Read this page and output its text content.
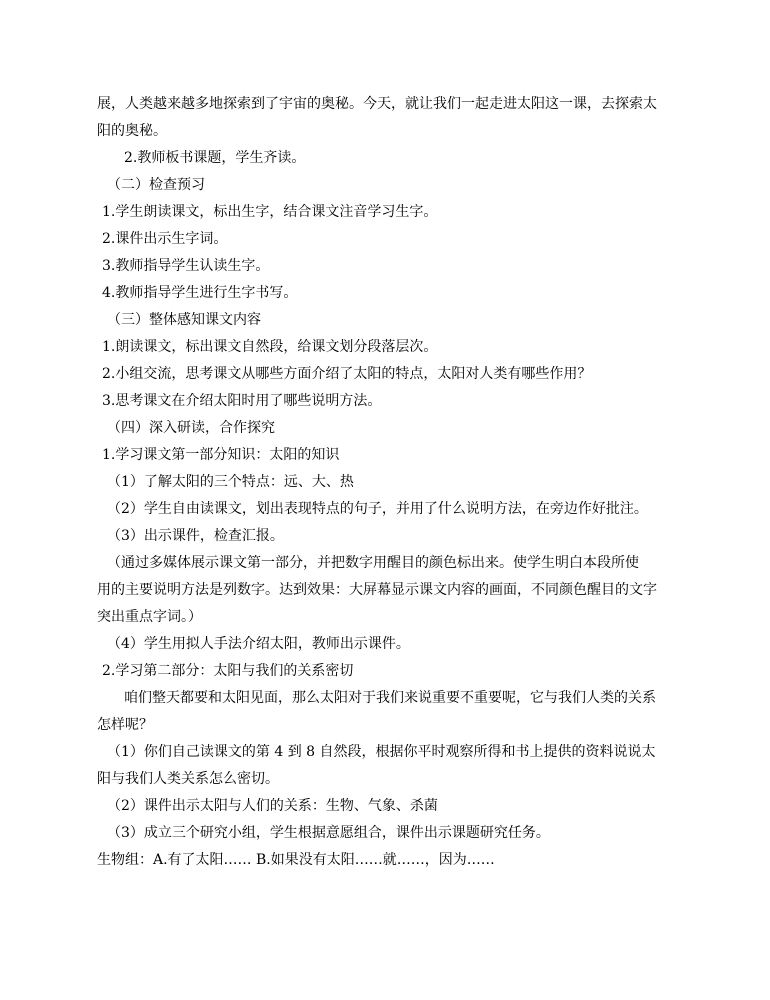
展，人类越来越多地探索到了宇宙的奥秘。今天，就让我们一起走进太阳这一课，去探索太
阳的奥秘。
2.教师板书课题，学生齐读。
（二）检查预习
1.学生朗读课文，标出生字，结合课文注音学习生字。
2.课件出示生字词。
3.教师指导学生认读生字。
4.教师指导学生进行生字书写。
（三）整体感知课文内容
1.朗读课文，标出课文自然段，给课文划分段落层次。
2.小组交流，思考课文从哪些方面介绍了太阳的特点，太阳对人类有哪些作用？
3.思考课文在介绍太阳时用了哪些说明方法。
（四）深入研读，合作探究
1.学习课文第一部分知识：太阳的知识
（1）了解太阳的三个特点：远、大、热
（2）学生自由读课文，划出表现特点的句子，并用了什么说明方法，在旁边作好批注。
（3）出示课件，检查汇报。
（通过多媒体展示课文第一部分，并把数字用醒目的颜色标出来。使学生明白本段所使
用的主要说明方法是列数字。达到效果：大屏幕显示课文内容的画面，不同颜色醒目的文字
突出重点字词。）
（4）学生用拟人手法介绍太阳，教师出示课件。
2.学习第二部分：太阳与我们的关系密切
咱们整天都要和太阳见面，那么太阳对于我们来说重要不重要呢，它与我们人类的关系
怎样呢？
（1）你们自己读课文的第 4 到 8 自然段，根据你平时观察所得和书上提供的资料说说太
阳与我们人类关系怎么密切。
（2）课件出示太阳与人们的关系：生物、气象、杀菌
（3）成立三个研究小组，学生根据意愿组合，课件出示课题研究任务。
生物组：A.有了太阳…… B.如果没有太阳……就……，因为……
